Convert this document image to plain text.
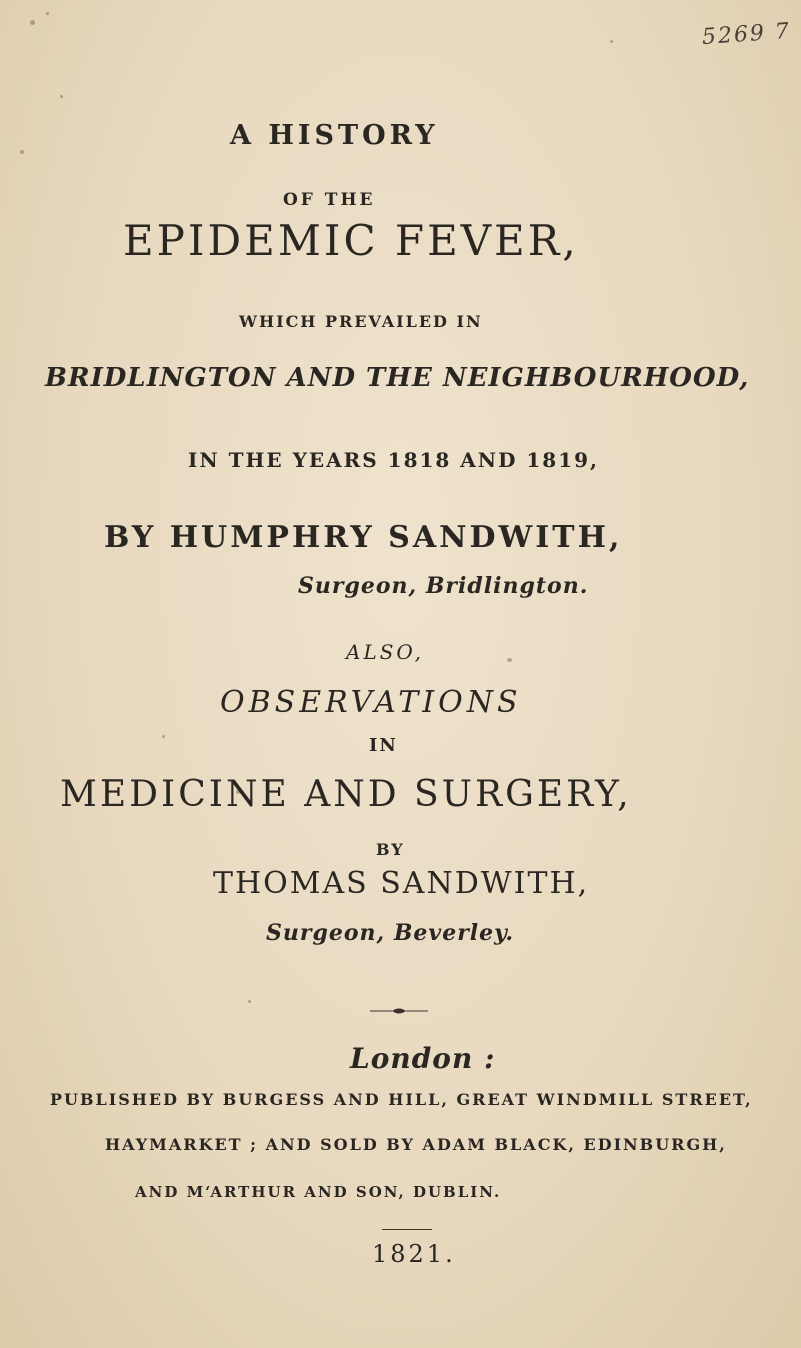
5269 7
A HISTORY
OF THE
EPIDEMIC FEVER,
WHICH PREVAILED IN
BRIDLINGTON AND THE NEIGHBOURHOOD,
IN THE YEARS 1818 AND 1819,
BY HUMPHRY SANDWITH,
Surgeon, Bridlington.
ALSO,
OBSERVATIONS
IN
MEDICINE AND SURGERY,
BY
THOMAS SANDWITH,
Surgeon, Beverley.
London :
PUBLISHED BY BURGESS AND HILL, GREAT WINDMILL STREET,
HAYMARKET ; AND SOLD BY ADAM BLACK, EDINBURGH,
AND M‘ARTHUR AND SON, DUBLIN.
1821.
